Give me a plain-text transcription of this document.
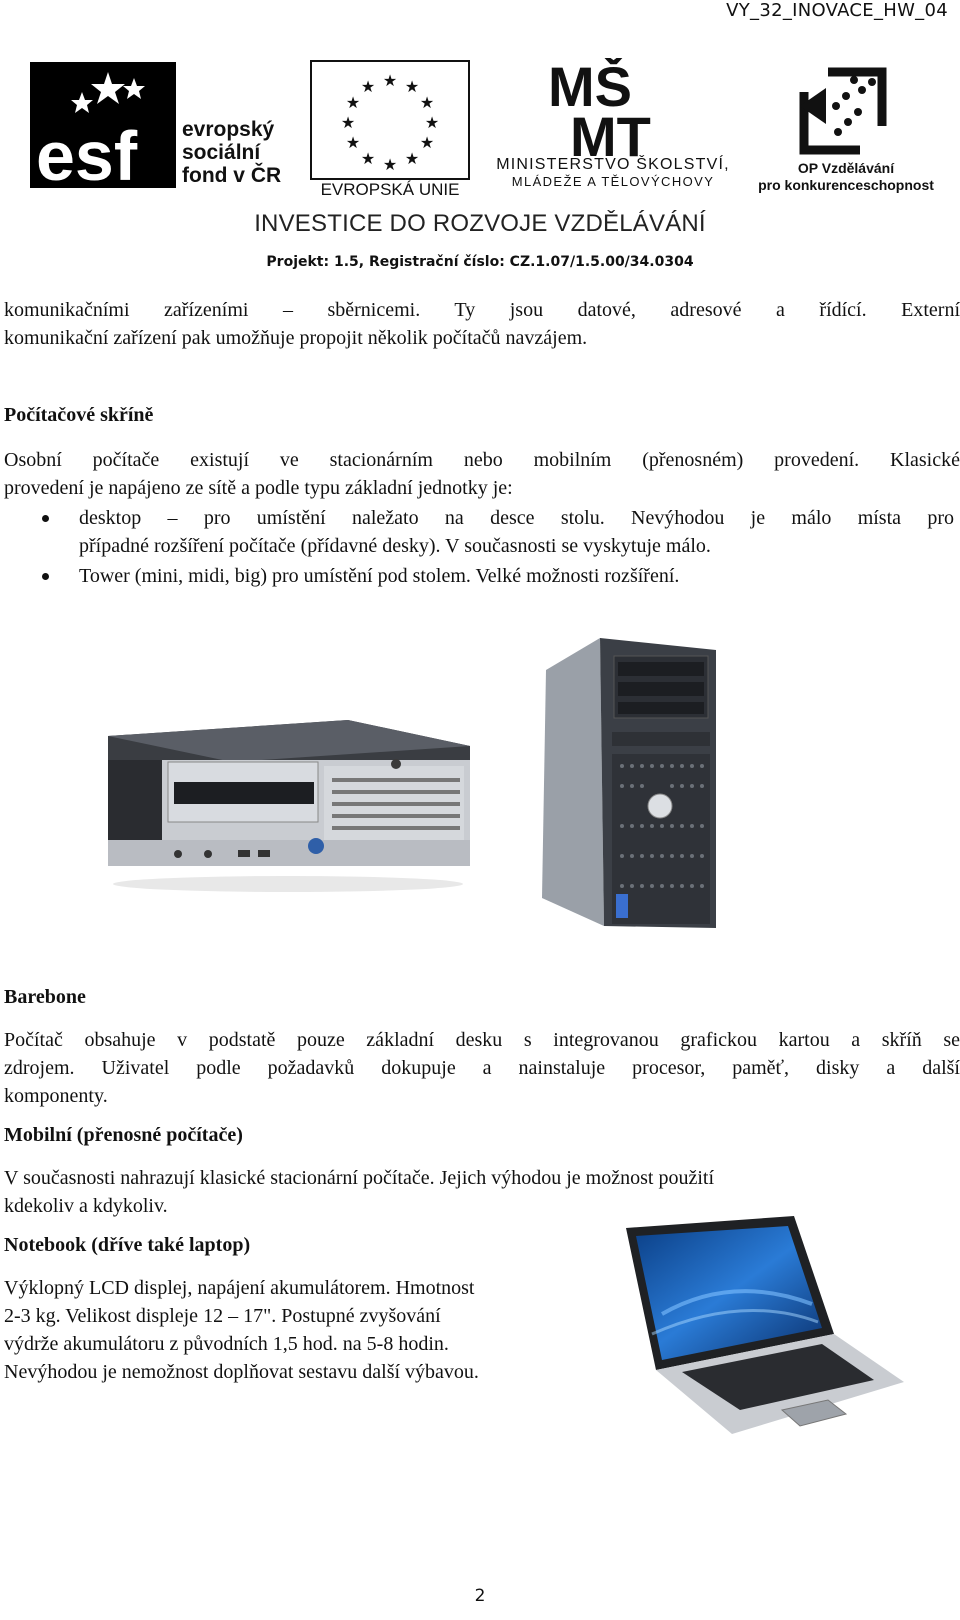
VY_32_INOVACE_HW_04
esf evropský
sociální
fond v ČR
★ ★
★
★
★
★
★
★
★
★
★
★
EVROPSKÁ UNIE
MŠ
MT
MINISTERSTVO ŠKOLSTVÍ,
MLÁDEŽE A TĚLOVÝCHOVY
OP Vzdělávání
pro konkurenceschopnost
INVESTICE DO ROZVOJE VZDĚLÁVÁNÍ
Projekt: 1.5, Registrační číslo: CZ.1.07/1.5.00/34.0304
komunikačními zařízeními – sběrnicemi. Ty jsou datové, adresové a řídící. Externí
komunikační zařízení pak umožňuje propojit několik počítačů navzájem.
Počítačové skříně
Osobní počítače existují ve stacionárním nebo mobilním (přenosném) provedení. Klasické
provedení je napájeno ze sítě a podle typu základní jednotky je:
desktop – pro umístění naležato na desce stolu. Nevýhodou je málo místa pro
případné rozšíření počítače (přídavné desky). V současnosti se vyskytuje málo.
Tower (mini, midi, big) pro umístění pod stolem. Velké možnosti rozšíření.
Barebone
Počítač obsahuje v podstatě pouze základní desku s integrovanou grafickou kartou a skříň se
zdrojem. Uživatel podle požadavků dokupuje a nainstaluje procesor, paměť, disky a další
komponenty.
Mobilní (přenosné počítače)
V současnosti nahrazují klasické stacionární počítače. Jejich výhodou je možnost použití
kdekoliv a kdykoliv.
Notebook (dříve také laptop)
Výklopný LCD displej, napájení akumulátorem. Hmotnost
2-3 kg. Velikost displeje 12 – 17". Postupné zvyšování
výdrže akumulátoru z původních 1,5 hod. na 5-8 hodin.
Nevýhodou je nemožnost doplňovat sestavu další výbavou.
2
